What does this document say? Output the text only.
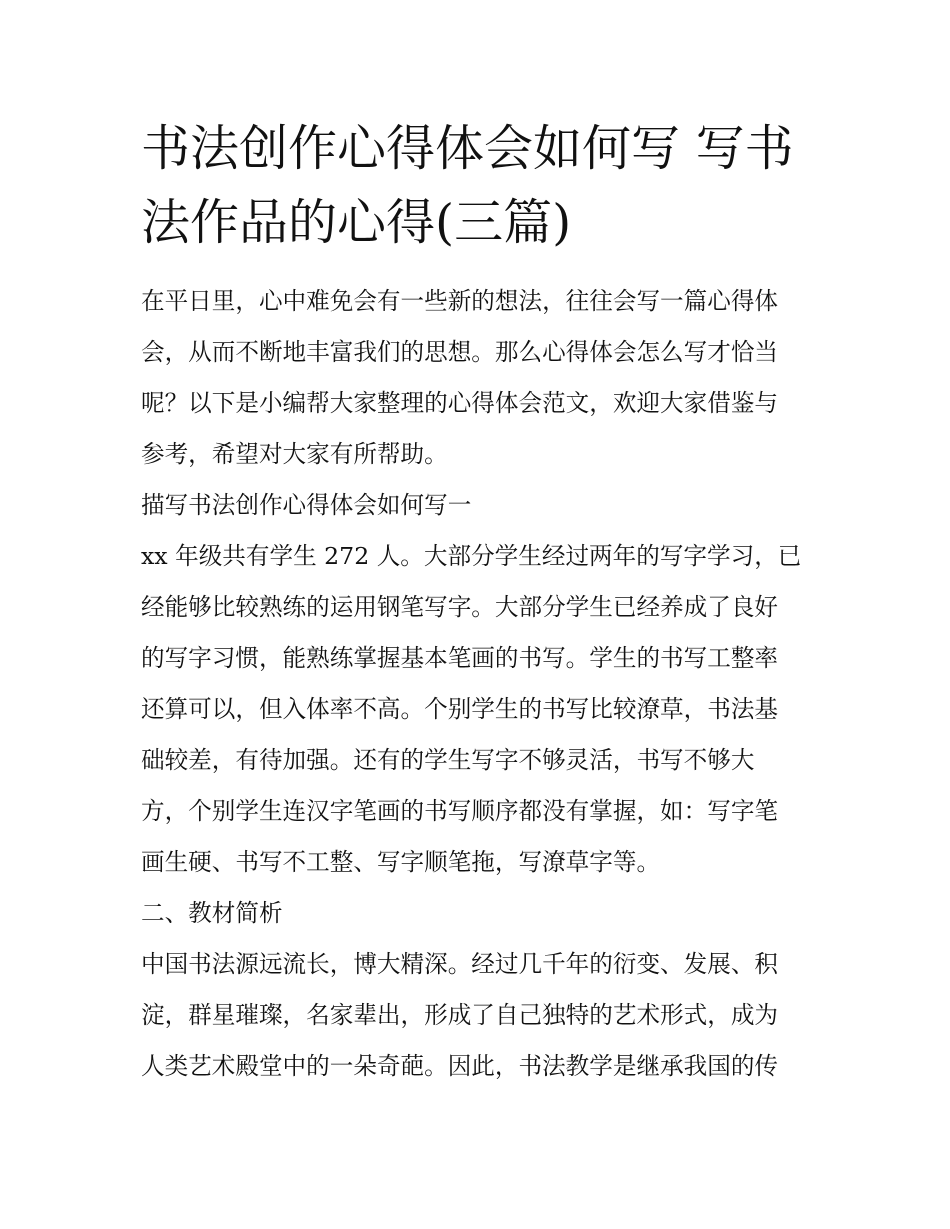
书法创作心得体会如何写 写书
法作品的心得(三篇)
在平日里，心中难免会有一些新的想法，往往会写一篇心得体
会，从而不断地丰富我们的思想。那么心得体会怎么写才恰当
呢？以下是小编帮大家整理的心得体会范文，欢迎大家借鉴与
参考，希望对大家有所帮助。
描写书法创作心得体会如何写一
xx 年级共有学生 272 人。大部分学生经过两年的写字学习，已
经能够比较熟练的运用钢笔写字。大部分学生已经养成了良好
的写字习惯，能熟练掌握基本笔画的书写。学生的书写工整率
还算可以，但入体率不高。个别学生的书写比较潦草，书法基
础较差，有待加强。还有的学生写字不够灵活，书写不够大
方，个别学生连汉字笔画的书写顺序都没有掌握，如：写字笔
画生硬、书写不工整、写字顺笔拖，写潦草字等。
二、教材简析
中国书法源远流长，博大精深。经过几千年的衍变、发展、积
淀，群星璀璨，名家辈出，形成了自己独特的艺术形式，成为
人类艺术殿堂中的一朵奇葩。因此，书法教学是继承我国的传
